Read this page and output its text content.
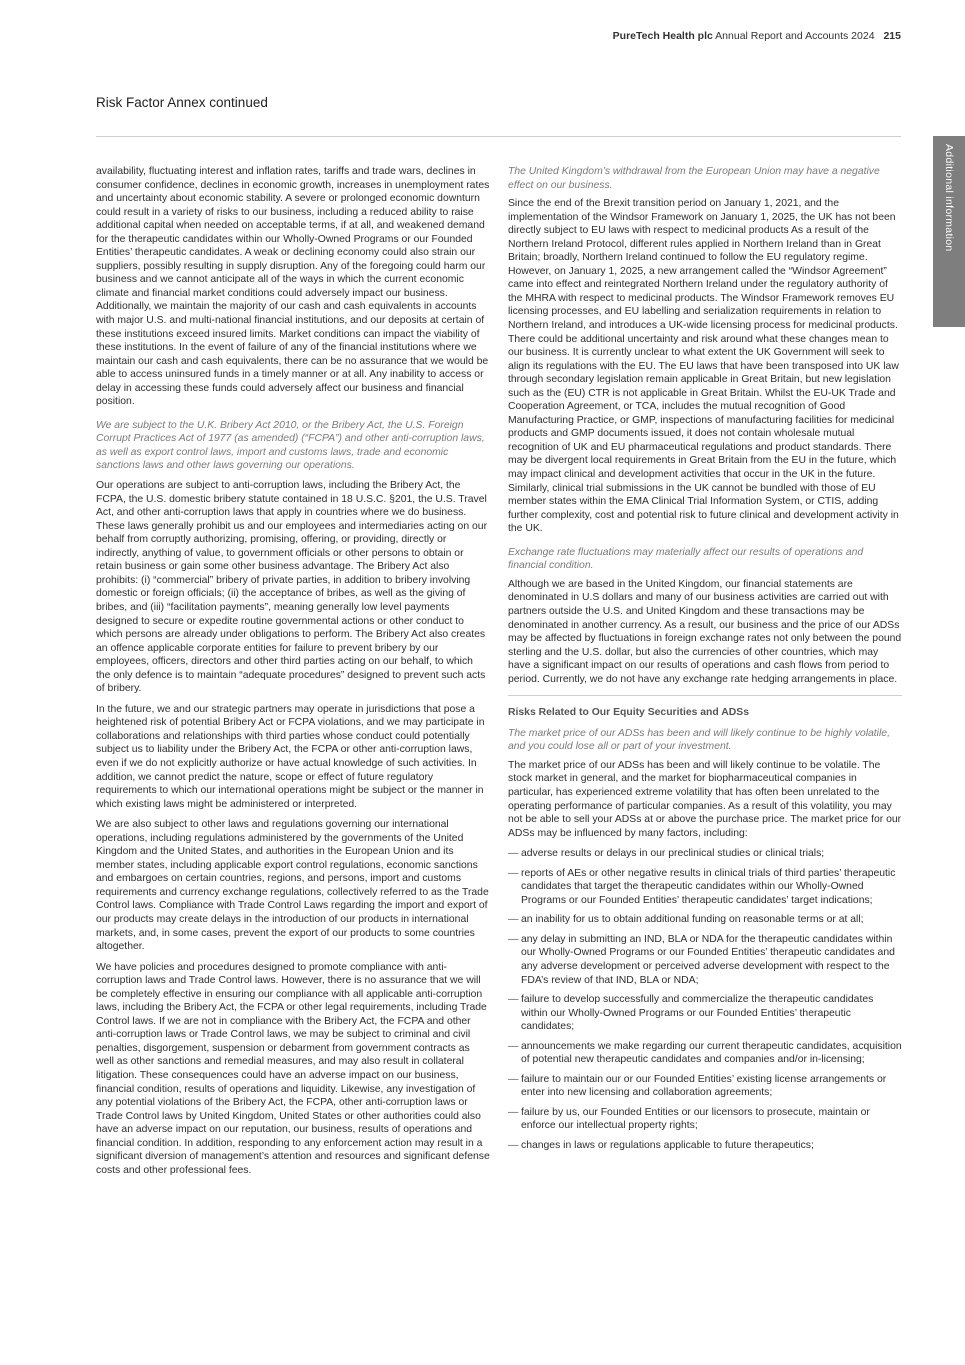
PureTech Health plc Annual Report and Accounts 2024 215
Risk Factor Annex continued
Additional information

availability, fluctuating interest and inflation rates, tariffs and trade wars, declines in consumer confidence, declines in economic growth, increases in unemployment rates and uncertainty about economic stability. A severe or prolonged economic downturn could result in a variety of risks to our business, including a reduced ability to raise additional capital when needed on acceptable terms, if at all, and weakened demand for the therapeutic candidates within our Wholly-Owned Programs or our Founded Entities’ therapeutic candidates. A weak or declining economy could also strain our suppliers, possibly resulting in supply disruption. Any of the foregoing could harm our business and we cannot anticipate all of the ways in which the current economic climate and financial market conditions could adversely impact our business. Additionally, we maintain the majority of our cash and cash equivalents in accounts with major U.S. and multi-national financial institutions, and our deposits at certain of these institutions exceed insured limits. Market conditions can impact the viability of these institutions. In the event of failure of any of the financial institutions where we maintain our cash and cash equivalents, there can be no assurance that we would be able to access uninsured funds in a timely manner or at all. Any inability to access or delay in accessing these funds could adversely affect our business and financial position.

We are subject to the U.K. Bribery Act 2010, or the Bribery Act, the U.S. Foreign Corrupt Practices Act of 1977 (as amended) (“FCPA”) and other anti-corruption laws, as well as export control laws, import and customs laws, trade and economic sanctions laws and other laws governing our operations.

Our operations are subject to anti-corruption laws, including the Bribery Act, the FCPA, the U.S. domestic bribery statute contained in 18 U.S.C. §201, the U.S. Travel Act, and other anti-corruption laws that apply in countries where we do business. These laws generally prohibit us and our employees and intermediaries acting on our behalf from corruptly authorizing, promising, offering, or providing, directly or indirectly, anything of value, to government officials or other persons to obtain or retain business or gain some other business advantage. The Bribery Act also prohibits: (i) “commercial” bribery of private parties, in addition to bribery involving domestic or foreign officials; (ii) the acceptance of bribes, as well as the giving of bribes, and (iii) “facilitation payments”, meaning generally low level payments designed to secure or expedite routine governmental actions or other conduct to which persons are already under obligations to perform. The Bribery Act also creates an offence applicable corporate entities for failure to prevent bribery by our employees, officers, directors and other third parties acting on our behalf, to which the only defence is to maintain “adequate procedures” designed to prevent such acts of bribery.

In the future, we and our strategic partners may operate in jurisdictions that pose a heightened risk of potential Bribery Act or FCPA violations, and we may participate in collaborations and relationships with third parties whose conduct could potentially subject us to liability under the Bribery Act, the FCPA or other anti-corruption laws, even if we do not explicitly authorize or have actual knowledge of such activities. In addition, we cannot predict the nature, scope or effect of future regulatory requirements to which our international operations might be subject or the manner in which existing laws might be administered or interpreted.

We are also subject to other laws and regulations governing our international operations, including regulations administered by the governments of the United Kingdom and the United States, and authorities in the European Union and its member states, including applicable export control regulations, economic sanctions and embargoes on certain countries, regions, and persons, import and customs requirements and currency exchange regulations, collectively referred to as the Trade Control laws. Compliance with Trade Control Laws regarding the import and export of our products may create delays in the introduction of our products in international markets, and, in some cases, prevent the export of our products to some countries altogether.

We have policies and procedures designed to promote compliance with anti-corruption laws and Trade Control laws. However, there is no assurance that we will be completely effective in ensuring our compliance with all applicable anti-corruption laws, including the Bribery Act, the FCPA or other legal requirements, including Trade Control laws. If we are not in compliance with the Bribery Act, the FCPA and other anti-corruption laws or Trade Control laws, we may be subject to criminal and civil penalties, disgorgement, suspension or debarment from government contracts as well as other sanctions and remedial measures, and may also result in collateral litigation. These consequences could have an adverse impact on our business, financial condition, results of operations and liquidity. Likewise, any investigation of any potential violations of the Bribery Act, the FCPA, other anti-corruption laws or Trade Control laws by United Kingdom, United States or other authorities could also have an adverse impact on our reputation, our business, results of operations and financial condition. In addition, responding to any enforcement action may result in a significant diversion of management’s attention and resources and significant defense costs and other professional fees.

The United Kingdom’s withdrawal from the European Union may have a negative effect on our business.

Since the end of the Brexit transition period on January 1, 2021, and the implementation of the Windsor Framework on January 1, 2025, the UK has not been directly subject to EU laws with respect to medicinal products As a result of the Northern Ireland Protocol, different rules applied in Northern Ireland than in Great Britain; broadly, Northern Ireland continued to follow the EU regulatory regime. However, on January 1, 2025, a new arrangement called the “Windsor Agreement” came into effect and reintegrated Northern Ireland under the regulatory authority of the MHRA with respect to medicinal products. The Windsor Framework removes EU licensing processes, and EU labelling and serialization requirements in relation to Northern Ireland, and introduces a UK-wide licensing process for medicinal products. There could be additional uncertainty and risk around what these changes mean to our business. It is currently unclear to what extent the UK Government will seek to align its regulations with the EU. The EU laws that have been transposed into UK law through secondary legislation remain applicable in Great Britain, but new legislation such as the (EU) CTR is not applicable in Great Britain. Whilst the EU-UK Trade and Cooperation Agreement, or TCA, includes the mutual recognition of Good Manufacturing Practice, or GMP, inspections of manufacturing facilities for medicinal products and GMP documents issued, it does not contain wholesale mutual recognition of UK and EU pharmaceutical regulations and product standards. There may be divergent local requirements in Great Britain from the EU in the future, which may impact clinical and development activities that occur in the UK in the future. Similarly, clinical trial submissions in the UK cannot be bundled with those of EU member states within the EMA Clinical Trial Information System, or CTIS, adding further complexity, cost and potential risk to future clinical and development activity in the UK.

Exchange rate fluctuations may materially affect our results of operations and financial condition.

Although we are based in the United Kingdom, our financial statements are denominated in U.S dollars and many of our business activities are carried out with partners outside the U.S. and United Kingdom and these transactions may be denominated in another currency. As a result, our business and the price of our ADSs may be affected by fluctuations in foreign exchange rates not only between the pound sterling and the U.S. dollar, but also the currencies of other countries, which may have a significant impact on our results of operations and cash flows from period to period. Currently, we do not have any exchange rate hedging arrangements in place.

Risks Related to Our Equity Securities and ADSs

The market price of our ADSs has been and will likely continue to be highly volatile, and you could lose all or part of your investment.

The market price of our ADSs has been and will likely continue to be volatile. The stock market in general, and the market for biopharmaceutical companies in particular, has experienced extreme volatility that has often been unrelated to the operating performance of particular companies. As a result of this volatility, you may not be able to sell your ADSs at or above the purchase price. The market price for our ADSs may be influenced by many factors, including:

— adverse results or delays in our preclinical studies or clinical trials;
— reports of AEs or other negative results in clinical trials of third parties’ therapeutic candidates that target the therapeutic candidates within our Wholly-Owned Programs or our Founded Entities’ therapeutic candidates’ target indications;
— an inability for us to obtain additional funding on reasonable terms or at all;
— any delay in submitting an IND, BLA or NDA for the therapeutic candidates within our Wholly-Owned Programs or our Founded Entities’ therapeutic candidates and any adverse development or perceived adverse development with respect to the FDA’s review of that IND, BLA or NDA;
— failure to develop successfully and commercialize the therapeutic candidates within our Wholly-Owned Programs or our Founded Entities’ therapeutic candidates;
— announcements we make regarding our current therapeutic candidates, acquisition of potential new therapeutic candidates and companies and/or in-licensing;
— failure to maintain our or our Founded Entities’ existing license arrangements or enter into new licensing and collaboration agreements;
— failure by us, our Founded Entities or our licensors to prosecute, maintain or enforce our intellectual property rights;
— changes in laws or regulations applicable to future therapeutics;
